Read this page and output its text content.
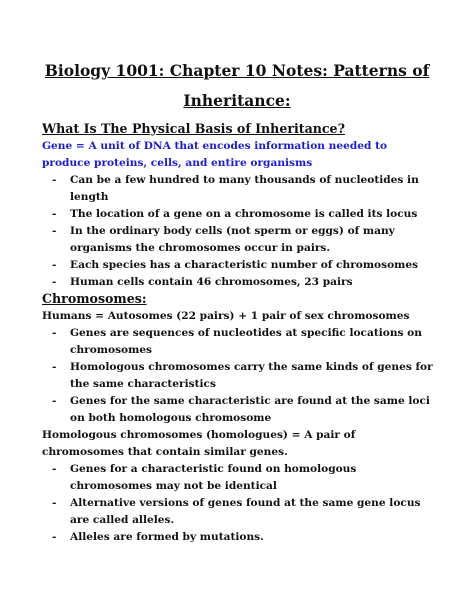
Biology 1001: Chapter 10 Notes: Patterns of Inheritance:

What Is The Physical Basis of Inheritance?

Gene = A unit of DNA that encodes information needed to produce proteins, cells, and entire organisms

- Can be a few hundred to many thousands of nucleotides in length
- The location of a gene on a chromosome is called its locus
- In the ordinary body cells (not sperm or eggs) of many organisms the chromosomes occur in pairs.
- Each species has a characteristic number of chromosomes
- Human cells contain 46 chromosomes, 23 pairs

Chromosomes:

Humans = Autosomes (22 pairs) + 1 pair of sex chromosomes

- Genes are sequences of nucleotides at specific locations on chromosomes
- Homologous chromosomes carry the same kinds of genes for the same characteristics
- Genes for the same characteristic are found at the same loci on both homologous chromosome

Homologous chromosomes (homologues) = A pair of chromosomes that contain similar genes.

- Genes for a characteristic found on homologous chromosomes may not be identical
- Alternative versions of genes found at the same gene locus are called alleles.
- Alleles are formed by mutations.
